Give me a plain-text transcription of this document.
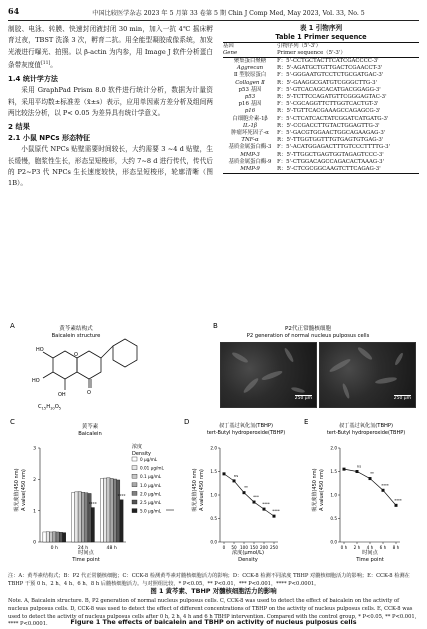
64	中国比较医学杂志 2023 年 5 月第 33 卷第 5 期 Chin J Comp Med, May 2023, Vol. 33, No. 5

制胶、电泳、转膜、快速封闭液封闭 30 min，加入一抗 4℃ 摇床孵育过夜，TBST 洗涤 3 次，孵育二抗。用全能型凝胶成像系统，加发光液进行曝光、拍照。以 β-actin 为内参，用 Image J 软件分析蛋白条带灰度值[11]。

1.4 统计学方法

采用 GraphPad Prism 8.0 软件进行统计分析，数据为计量资料，采用平均数±标准差（x̄±s）表示，应用单因素方差分析及组间两两比较法分析，以 P< 0.05 为差异具有统计学意义。

2 结果

2.1 小鼠 NPCs 形态特征

小鼠原代 NPCs 贴壁需要时间较长，大约需要 3 ~4 d 贴壁，生长缓慢，胞浆性生长，形态呈短梭形，大约 7~8 d 进行传代，传代后的 P2~P3 代 NPCs 生长速度较快，形态呈短梭形，轮廓清晰（图 1B）。

表 1 引物序列
Table 1 Primer sequence
基因
Gene	引物序列（5'-3'）
Primer sequence（5'-3'）
聚集蛋白聚糖	F：5'-CCTGCTACTTCATCGACCCC-3'
Aggrecan	R：5'-AGATGCTGTTGACTCGAACCT-3'
Ⅱ 型胶原蛋白	F：5'-GGGAATGTCCTCTGCGATGAC-3'
Collagen Ⅱ	R：5'-GAAGGCGATGTCGGGCTTG-3'
p53 基因	F：5'-GTCACAGCACATGACGGAGG-3'
p53	R：5'-TCTTCCAGATGTTCGGGAGTAC-3'
p16 基因	F：5'-CGCAGGTTCTTGGTCACTGT-3'
p16	R：5'-TGTTCACGAAAGCCAGAGCG-3'
白细胞介素-1β	F：5'-CTCATCACTATCGGATCATGATG-3'
IL-1β	R：5'-CCGACCTTGTACTGGAGTTG-3'
肿瘤坏死因子-α	F：5'-GACGTGGAACTGGCAGAAGAG-3'
TNF-α	R：5'-TTGGTGGTTTGTGAGTGTGAG-3'
基质金属蛋白酶-3	F：5'-ACATGGAGACTTTGTCCCTTTTG-3'
MMP-3	R：5'-TTGGCTGAGTGGTAGAGTCCC-3'
基质金属蛋白酶-9	F：5'-CTGGACAGCCAGACACTAAAG-3'
MMP-9	R：5'-CTCGCGGCAAGTCTTCAGAG-3'
A	黄芩素结构式
Baicalein structure
HO
HO
OH	O
O
$C_{15}H_{10}O_5$
B	P2代正常髓核细胞
P2 generation of normal nucleus pulposus cells
C
黄芩素
Baicalein
0
1
2
3
0 h	24 h	48 h
****
****
吸光度值(450 nm) A value(450 nm)
时间点
Time point
浓度
Density
0 μg/mL
0.01 μg/mL
0.1 μg/mL
1.0 μg/mL
2.0 μg/mL
2.5 μg/mL
5.0 μg/mL ****
D	叔丁基过氧化氢(TBHP)
tert-Butyl hydroperoxide(TBHP)
0.0
0.5
1.0
1.5
2.0
0 50 100 150 200 250
ns
**
***
****
****
吸光度值(450 nm) A value(450 nm)
浓度(μmol/L)
Density
E	叔丁基过氧化氢(TBHP)
tert-Butyl hydroperoxide(TBHP)
0.0
0.5
1.0
1.5
2.0
0 h 2 h 4 h 6 h 8 h
ns
**
****
****
吸光度值(450 nm) A value(450 nm)
时间点
Time point
250 μm	250 μm
注：A：黄芩素结构式；B：P2 代正常髓核细胞；C：CCK-8 检测黄芩素对髓核细胞活力的影响；D：CCK-8 检测不同浓度 TBHP 对髓核细胞活力的影响；E：CCK-8 检测在 TBHP 干预 0 h、2 h、4 h、6 h、8 h 后髓核细胞活力。与对照组比较，* P<0.05，** P<0.01，*** P<0.001，**** P<0.0001。
图 1 黄芩素、TBHP 对髓核细胞活力的影响
Note. A, Baicalein structure. B, P2 generation of normal nucleus pulposus cells. C, CCK-8 was used to detect the effect of baicalein on the activity of nucleus pulposus cells. D, CCK-8 was used to detect the effect of different concentrations of TBHP on the activity of nucleus pulposus cells. E, CCK-8 was used to detect the activity of nucleus pulposus cells after 0 h, 2 h, 4 h and 6 h TBHP intervention. Compared with the control group, * P<0.05, ** P<0.001, **** P<0.0001.	Figure 1 The effects of baicalein and TBHP on activity of nucleus pulposus cells
